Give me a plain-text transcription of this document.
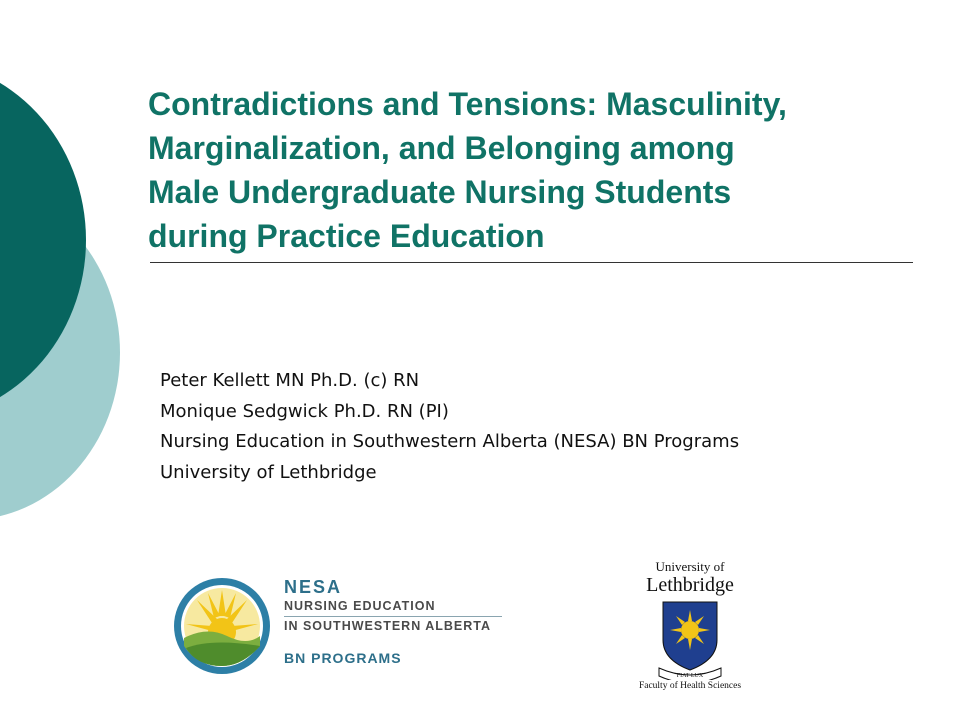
Contradictions and Tensions: Masculinity,
Marginalization, and Belonging among
Male Undergraduate Nursing Students
during Practice Education
Peter Kellett MN Ph.D. (c) RN
Monique Sedgwick Ph.D. RN (PI)
Nursing Education in Southwestern Alberta (NESA) BN Programs
University of Lethbridge
NESA
NURSING EDUCATION
IN SOUTHWESTERN ALBERTA
BN PROGRAMS
University of
Lethbridge
FIAT LUX
Faculty of Health Sciences
